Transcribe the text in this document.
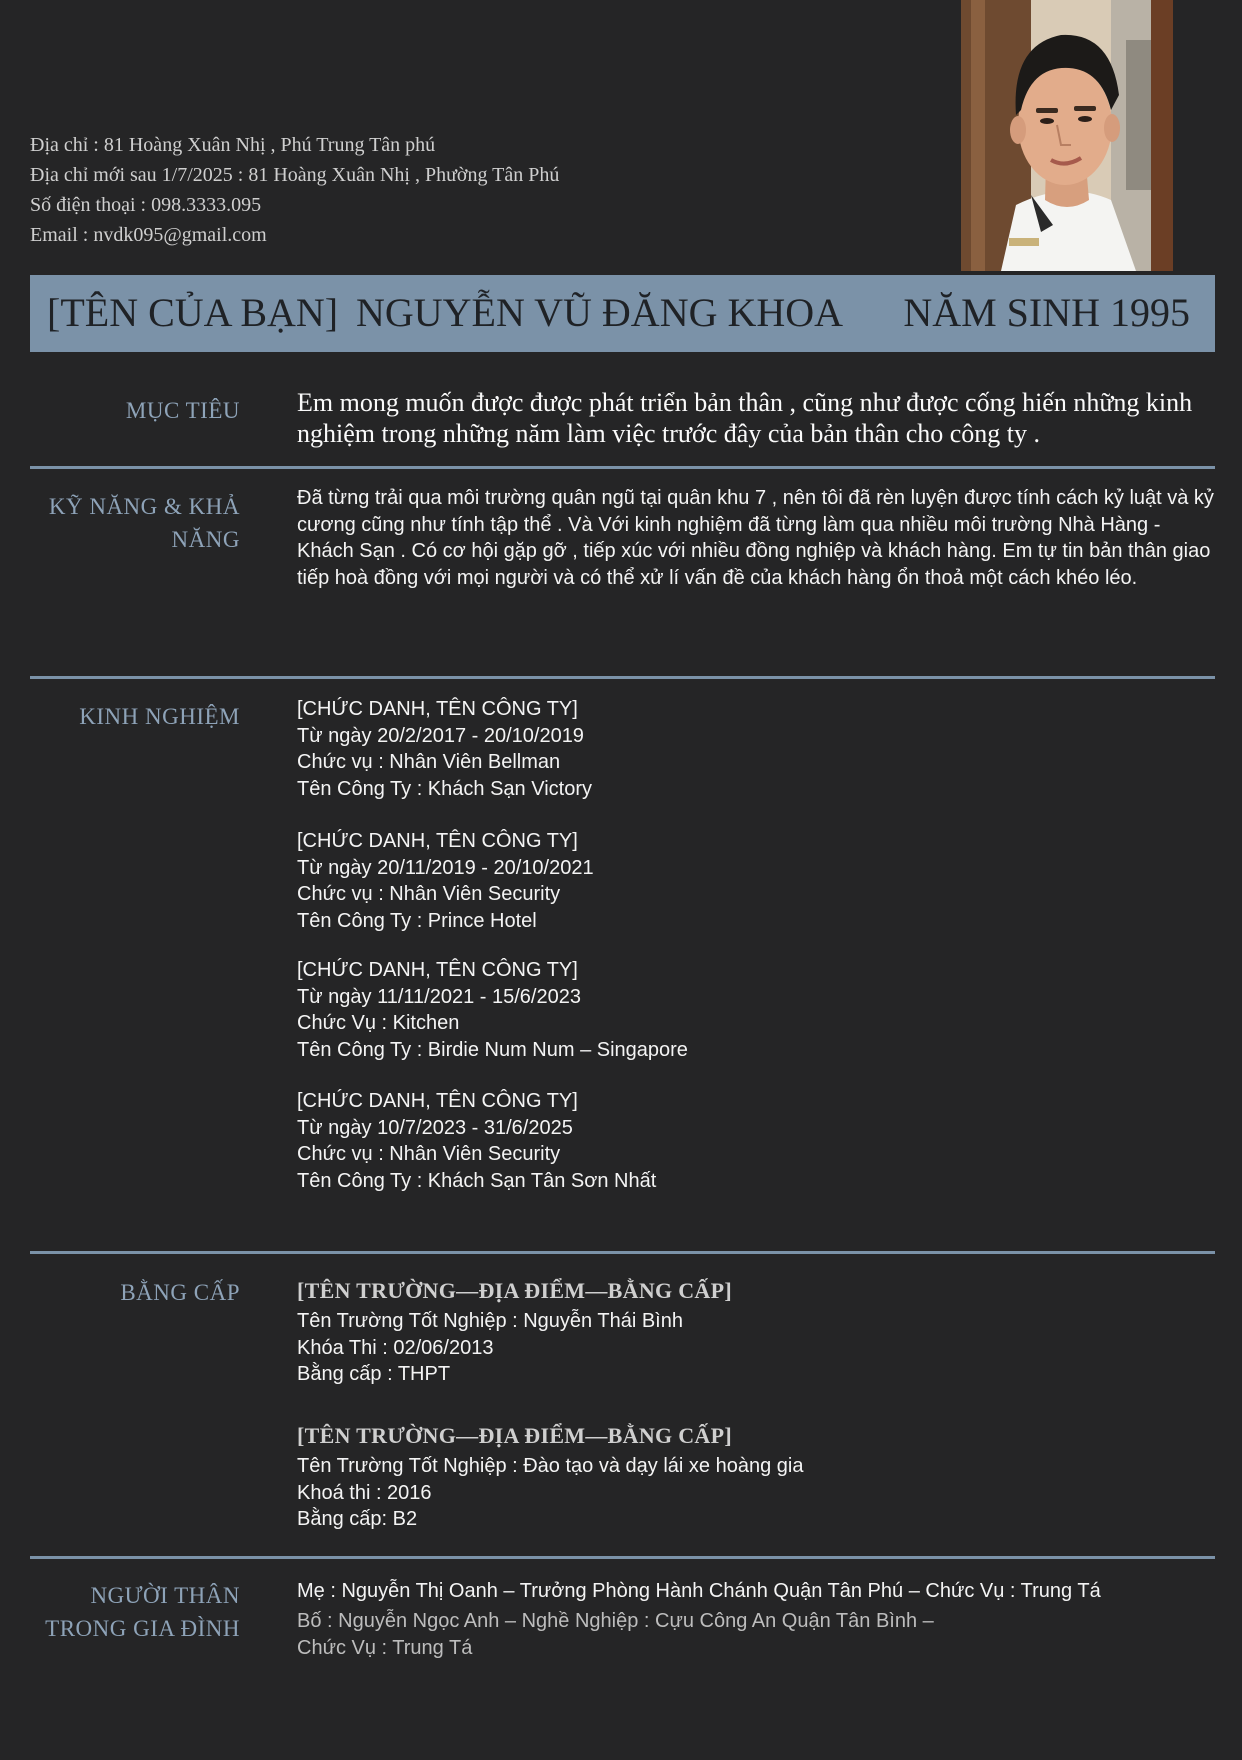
Địa chỉ : 81 Hoàng Xuân Nhị , Phú Trung Tân phú
Địa chỉ mới sau 1/7/2025 : 81 Hoàng Xuân Nhị , Phường Tân Phú
Số điện thoại : 098.3333.095
Email : nvdk095@gmail.com
[TÊN CỦA BẠN] NGUYỄN VŨ ĐĂNG KHOA NĂM SINH 1995
MỤC TIÊU Em mong muốn được được phát triển bản thân , cũng như được cống hiến những kinh nghiệm trong những năm làm việc trước đây của bản thân cho công ty .
KỸ NĂNG & KHẢ NĂNG
Đã từng trải qua môi trường quân ngũ tại quân khu 7 , nên tôi đã rèn luyện được tính cách kỷ luật và kỷ cương cũng như tính tập thể . Và Với kinh nghiệm đã từng làm qua nhiều môi trường Nhà Hàng - Khách Sạn . Có cơ hội gặp gỡ , tiếp xúc với nhiều đồng nghiệp và khách hàng. Em tự tin bản thân giao tiếp hoà đồng với mọi người và có thể xử lí vấn đề của khách hàng ổn thoả một cách khéo léo.
KINH NGHIỆM	[CHỨC DANH, TÊN CÔNG TY]
Từ ngày 20/2/2017 - 20/10/2019
Chức vụ : Nhân Viên Bellman
Tên Công Ty : Khách Sạn Victory
[CHỨC DANH, TÊN CÔNG TY]
Từ ngày 20/11/2019 - 20/10/2021
Chức vụ : Nhân Viên Security
Tên Công Ty : Prince Hotel
[CHỨC DANH, TÊN CÔNG TY]
Từ ngày 11/11/2021 - 15/6/2023
Chức Vụ : Kitchen
Tên Công Ty : Birdie Num Num – Singapore
[CHỨC DANH, TÊN CÔNG TY]
Từ ngày 10/7/2023 - 31/6/2025
Chức vụ : Nhân Viên Security
Tên Công Ty : Khách Sạn Tân Sơn Nhất
BẰNG CẤP	[TÊN TRƯỜNG—ĐỊA ĐIỂM—BẰNG CẤP]
Tên Trường Tốt Nghiệp : Nguyễn Thái Bình
Khóa Thi : 02/06/2013
Bằng cấp : THPT
[TÊN TRƯỜNG—ĐỊA ĐIỂM—BẰNG CẤP]
Tên Trường Tốt Nghiệp : Đào tạo và dạy lái xe hoàng gia
Khoá thi : 2016
Bằng cấp: B2
NGƯỜI THÂN
TRONG GIA ĐÌNH
Mẹ : Nguyễn Thị Oanh – Trưởng Phòng Hành Chánh Quận Tân Phú – Chức Vụ : Trung Tá
Bố : Nguyễn Ngọc Anh – Nghề Nghiệp : Cựu Công An Quận Tân Bình –
Chức Vụ : Trung Tá
